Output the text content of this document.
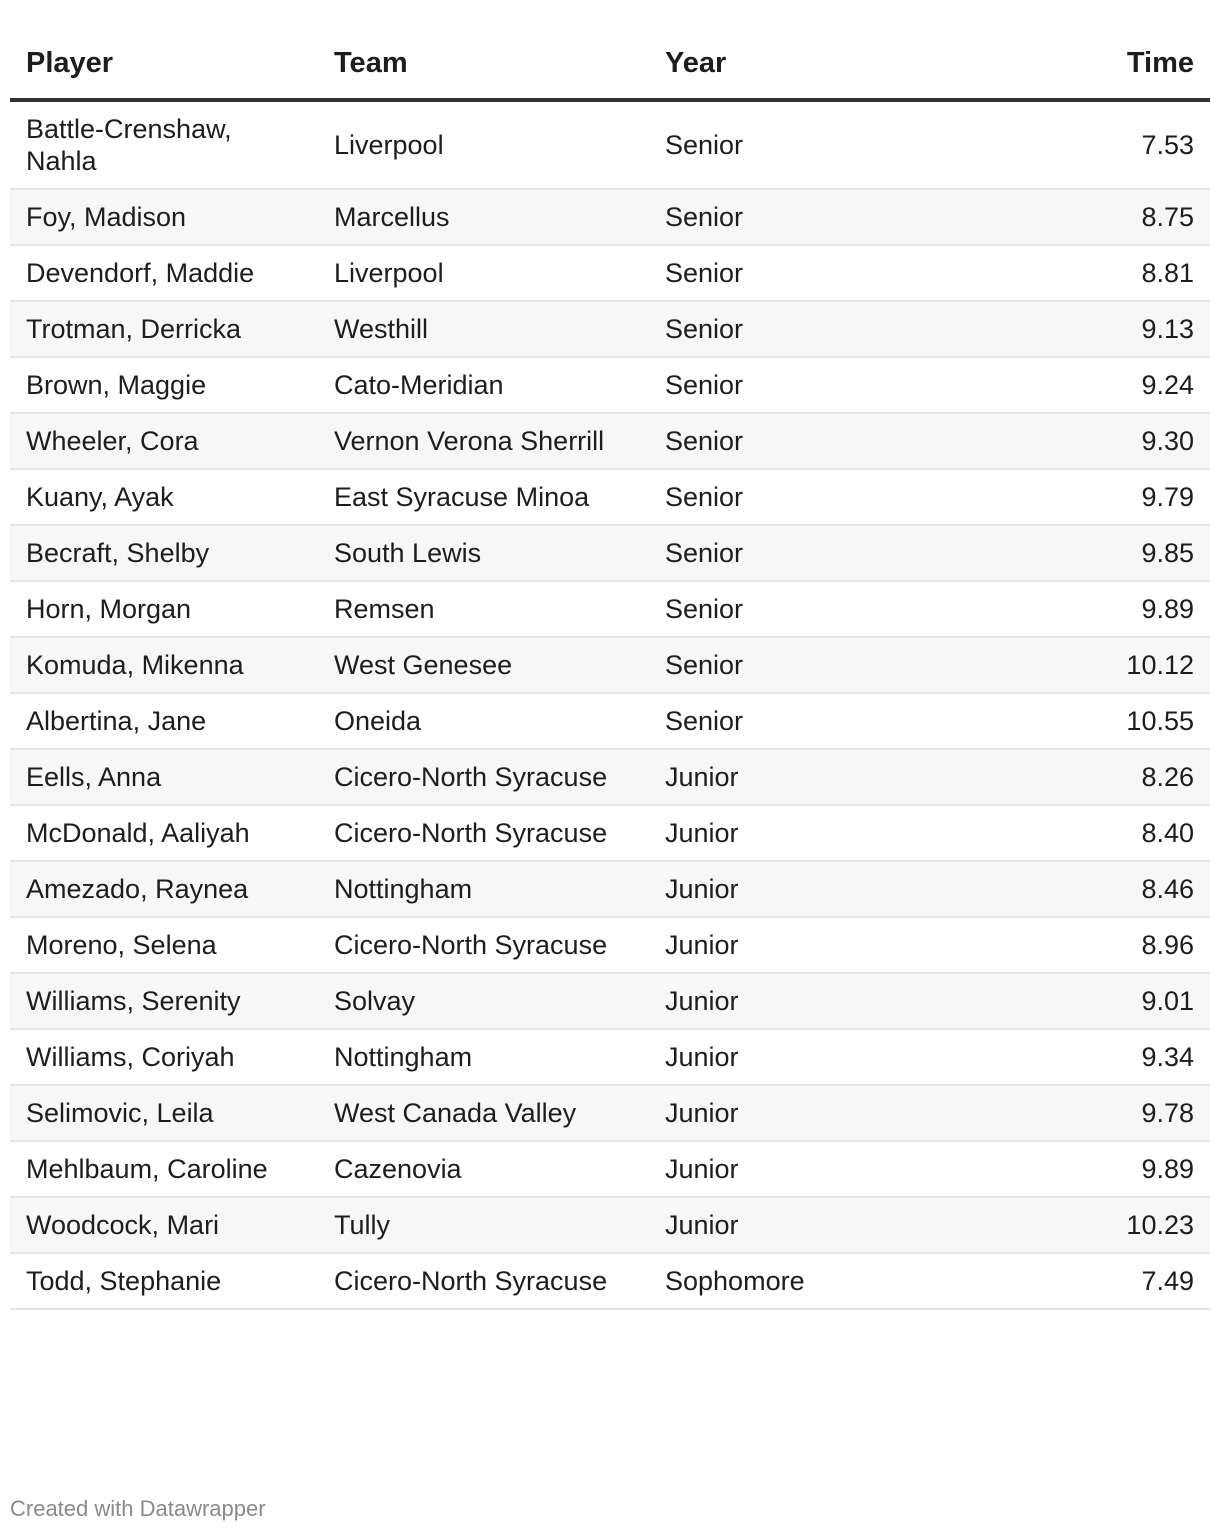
Player	Team	Year	Time
Battle-Crenshaw, Nahla	Liverpool	Senior	7.53
Foy, Madison	Marcellus	Senior	8.75
Devendorf, Maddie	Liverpool	Senior	8.81
Trotman, Derricka	Westhill	Senior	9.13
Brown, Maggie	Cato-Meridian	Senior	9.24
Wheeler, Cora	Vernon Verona Sherrill	Senior	9.30
Kuany, Ayak	East Syracuse Minoa	Senior	9.79
Becraft, Shelby	South Lewis	Senior	9.85
Horn, Morgan	Remsen	Senior	9.89
Komuda, Mikenna	West Genesee	Senior	10.12
Albertina, Jane	Oneida	Senior	10.55
Eells, Anna	Cicero-North Syracuse	Junior	8.26
McDonald, Aaliyah	Cicero-North Syracuse	Junior	8.40
Amezado, Raynea	Nottingham	Junior	8.46
Moreno, Selena	Cicero-North Syracuse	Junior	8.96
Williams, Serenity	Solvay	Junior	9.01
Williams, Coriyah	Nottingham	Junior	9.34
Selimovic, Leila	West Canada Valley	Junior	9.78
Mehlbaum, Caroline	Cazenovia	Junior	9.89
Woodcock, Mari	Tully	Junior	10.23
Todd, Stephanie	Cicero-North Syracuse	Sophomore	7.49
Created with Datawrapper
